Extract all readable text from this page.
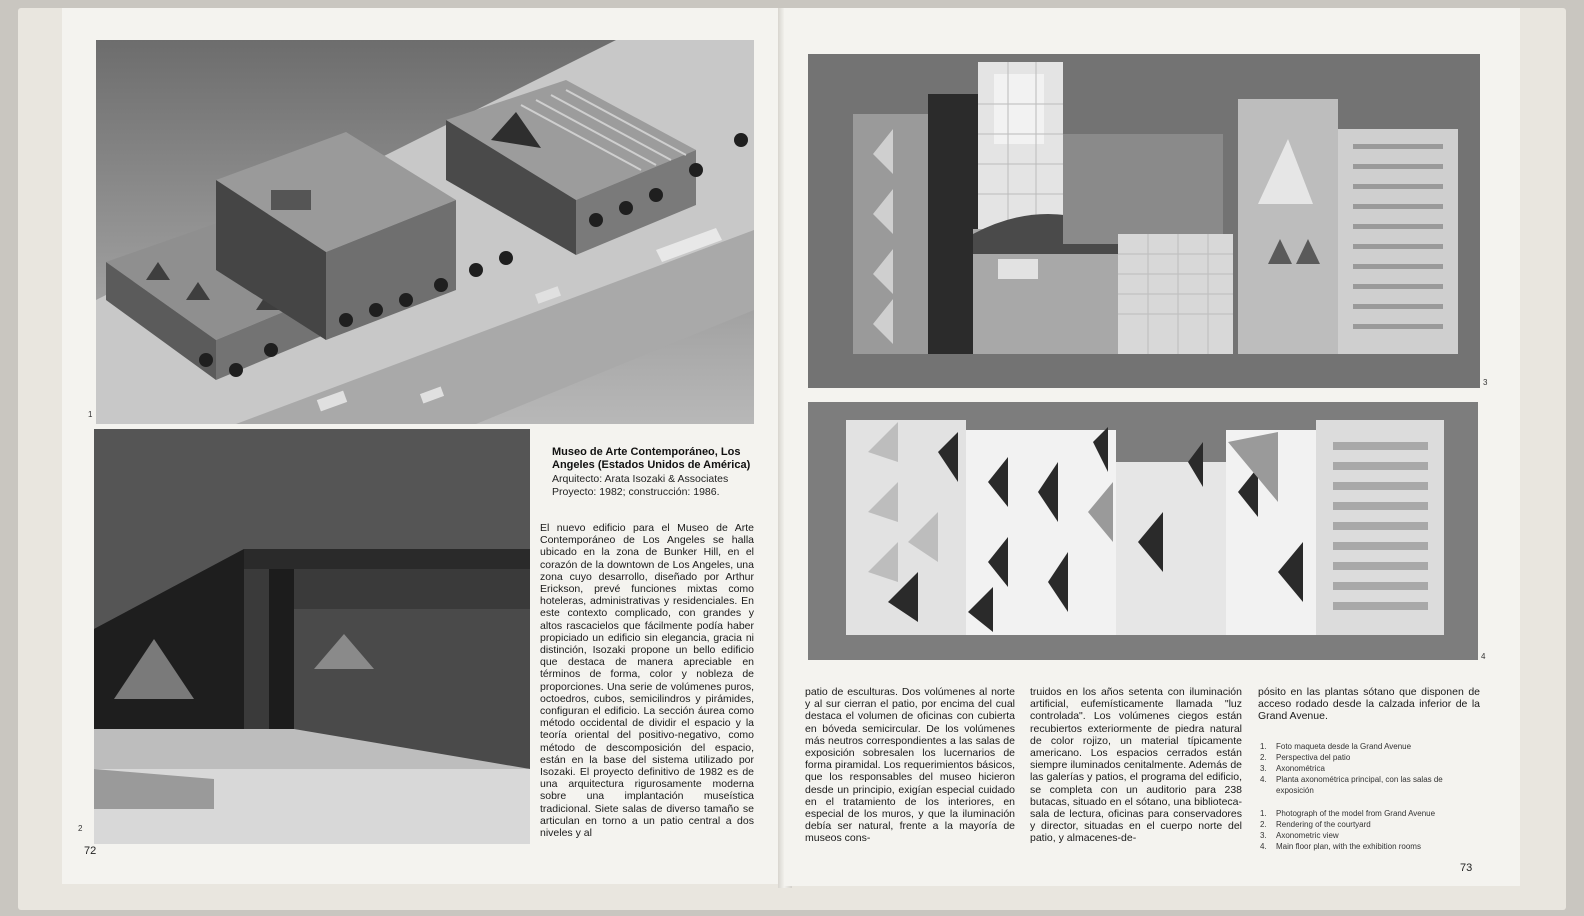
1
2
Museo de Arte Contemporáneo, Los Angeles (Estados Unidos de América)
Arquitecto: Arata Isozaki & Associates
Proyecto: 1982; construcción: 1986.
El nuevo edificio para el Museo de Arte Contemporáneo de Los Angeles se halla ubicado en la zona de Bunker Hill, en el corazón de la downtown de Los Angeles, una zona cuyo desarrollo, diseñado por Arthur Erickson, prevé funciones mixtas como hoteleras, administrativas y residenciales. En este contexto complicado, con grandes y altos rascacielos que fácilmente podía haber propiciado un edificio sin elegancia, gracia ni distinción, Isozaki propone un bello edificio que destaca de manera apreciable en términos de forma, color y nobleza de proporciones. Una serie de volúmenes puros, octoedros, cubos, semicilindros y pirámides, configuran el edificio. La sección áurea como método occidental de dividir el espacio y la teoría oriental del positivo-negativo, como método de descomposición del espacio, están en la base del sistema utilizado por Isozaki. El proyecto definitivo de 1982 es de una arquitectura rigurosamente moderna sobre una implantación museística tradicional. Siete salas de diverso tamaño se articulan en torno a un patio central a dos niveles y al
72
3
4
patio de esculturas. Dos volúmenes al norte y al sur cierran el patio, por encima del cual destaca el volumen de oficinas con cubierta en bóveda semicircular. De los volúmenes más neutros correspondientes a las salas de exposición sobresalen los lucernarios de forma piramidal. Los requerimientos básicos, que los responsables del museo hicieron desde un principio, exigían especial cuidado en el tratamiento de los interiores, en especial de los muros, y que la iluminación debía ser natural, frente a la mayoría de museos cons-
truidos en los años setenta con iluminación artificial, eufemísticamente llamada "luz controlada". Los volúmenes ciegos están recubiertos exteriormente de piedra natural de color rojizo, un material típicamente americano. Los espacios cerrados están siempre iluminados cenitalmente. Además de las galerías y patios, el programa del edificio, se completa con un auditorio para 238 butacas, situado en el sótano, una biblioteca-sala de lectura, oficinas para conservadores y director, situadas en el cuerpo norte del patio, y almacenes-de-
pósito en las plantas sótano que disponen de acceso rodado desde la calzada inferior de la Grand Avenue.
1.	Foto maqueta desde la Grand Avenue
2.	Perspectiva del patio
3.	Axonométrica
4.	Planta axonométrica principal, con las salas de exposición
1.	Photograph of the model from Grand Avenue
2.	Rendering of the courtyard
3.	Axonometric view
4.	Main floor plan, with the exhibition rooms
73
